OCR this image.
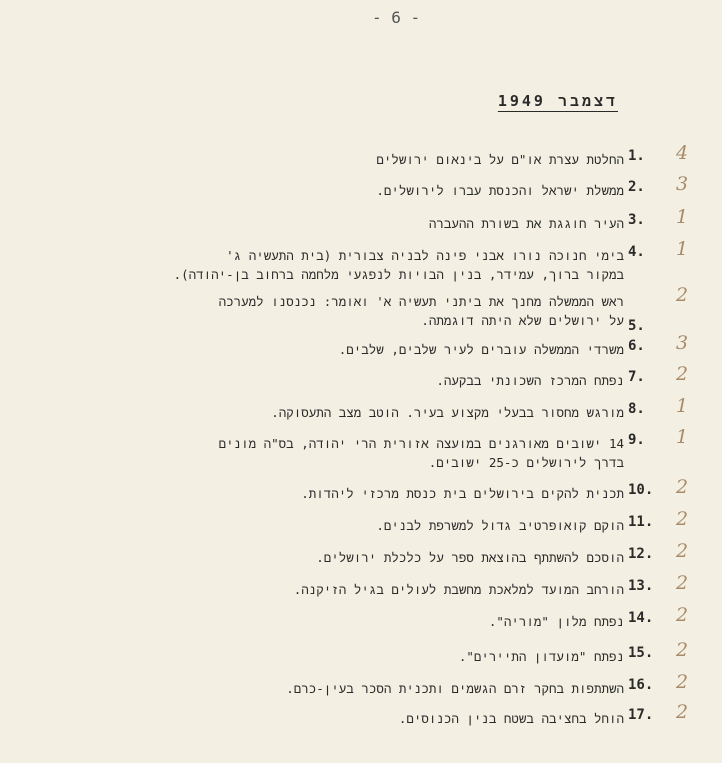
- 6 -
דצמבר 1949
1.
החלטת עצרת או"ם על בינאום ירושלים	4
2.
ממשלת ישראל והכנסת עברו לירושלים.	3
3.
העיר חוגגת את בשורת ההעברה	1
4.
בימי חנוכה נורו אבני פינה לבניה צבורית (בית התעשיה ג'
במקור ברוך, עמידר, בנין הבויות לנפגעי מלחמה ברחוב בן-יהודה).
1
5.
ראש הממשלה מחנך את ביתני תעשיה א' ואומר: נכנסנו למערכה
על ירושלים שלא היתה דוגמתה.
2
6.
משרדי הממשלה עוברים לעיר שלבים, שלבים.	3
7.
נפתח המרכז השכונתי בבקעה.	2
8.
מורגש מחסור בבעלי מקצוע בעיר. הוטב מצב התעסוקה.	1
9.
14 ישובים מאורגנים במועצה אזורית הרי יהודה, בס"ה מונים
בדרך לירושלים כ-25 ישובים.
1
10.
תכנית להקים בירושלים בית כנסת מרכזי ליהדות.	2
11.
הוקם קואופרטיב גדול למשרפת לבנים.	2
12.
הוסכם להשתתף בהוצאת ספר על כלכלת ירושלים.	2
13.
הורחב המועד למלאכת מחשבת לעולים בגיל הזיקנה.	2
14.
נפתח מלון "מוריה".	2
15.
נפתח "מועדון התיירים".	2
16.
השתתפות בחקר זרם הגשמים ותכנית הסכר בעין-כרם.	2
17.
הוחל בחציבה בשטח בנין הכנוסים.	2
